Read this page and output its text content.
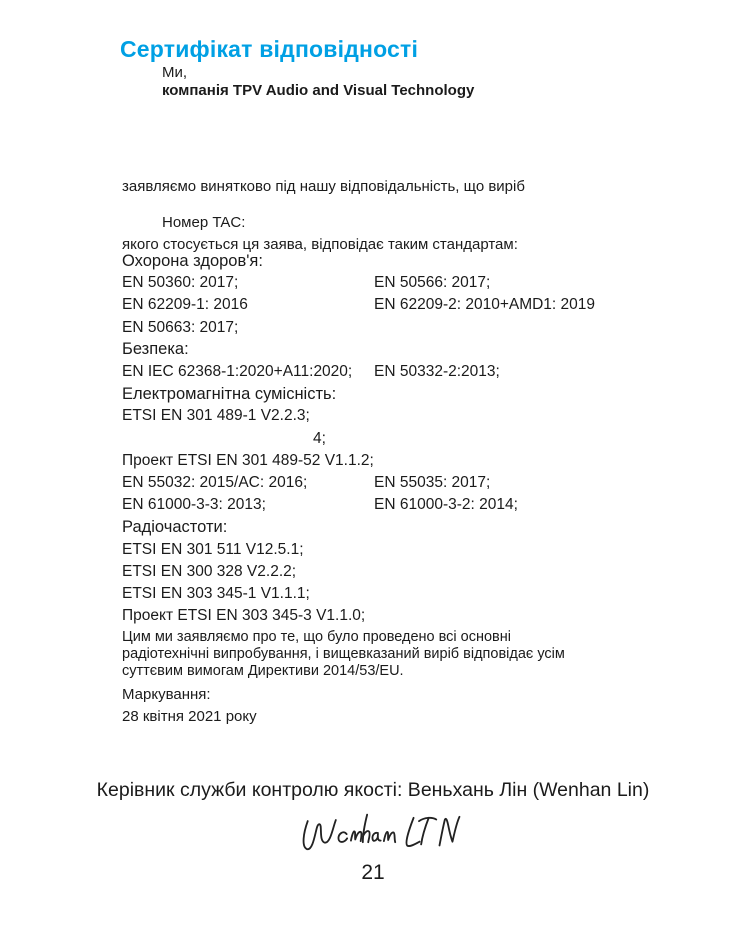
Сертифікат відповідності
Ми,
компанія TPV Audio and Visual Technology
заявляємо винятково під нашу відповідальність, що виріб
Номер TAC:
якого стосується ця заява, відповідає таким стандартам:
Охорона здоров'я:
EN 50360: 2017;	EN 50566: 2017;
EN 62209-1: 2016	EN 62209-2: 2010+AMD1: 2019
EN 50663: 2017;
Безпека:
EN IEC 62368-1:2020+A11:2020;	EN 50332-2:2013;
Електромагнітна сумісність:
ETSI EN 301 489-1 V2.2.3;
4;
Проект ETSI EN 301 489-52 V1.1.2;
EN 55032: 2015/AC: 2016;	EN 55035: 2017;
EN 61000-3-3: 2013;	EN 61000-3-2: 2014;
Радіочастоти:
ETSI EN 301 511 V12.5.1;
ETSI EN 300 328 V2.2.2;
ETSI EN 303 345-1 V1.1.1;
Проект ETSI EN 303 345-3 V1.1.0;
Цим ми заявляємо про те, що було проведено всі основні радіотехнічні випробування, і вищевказаний виріб відповідає усім суттєвим вимогам Директиви 2014/53/EU.
Маркування:
28 квітня 2021 року
Керівник служби контролю якості: Веньхань Лін (Wenhan Lin)
21
